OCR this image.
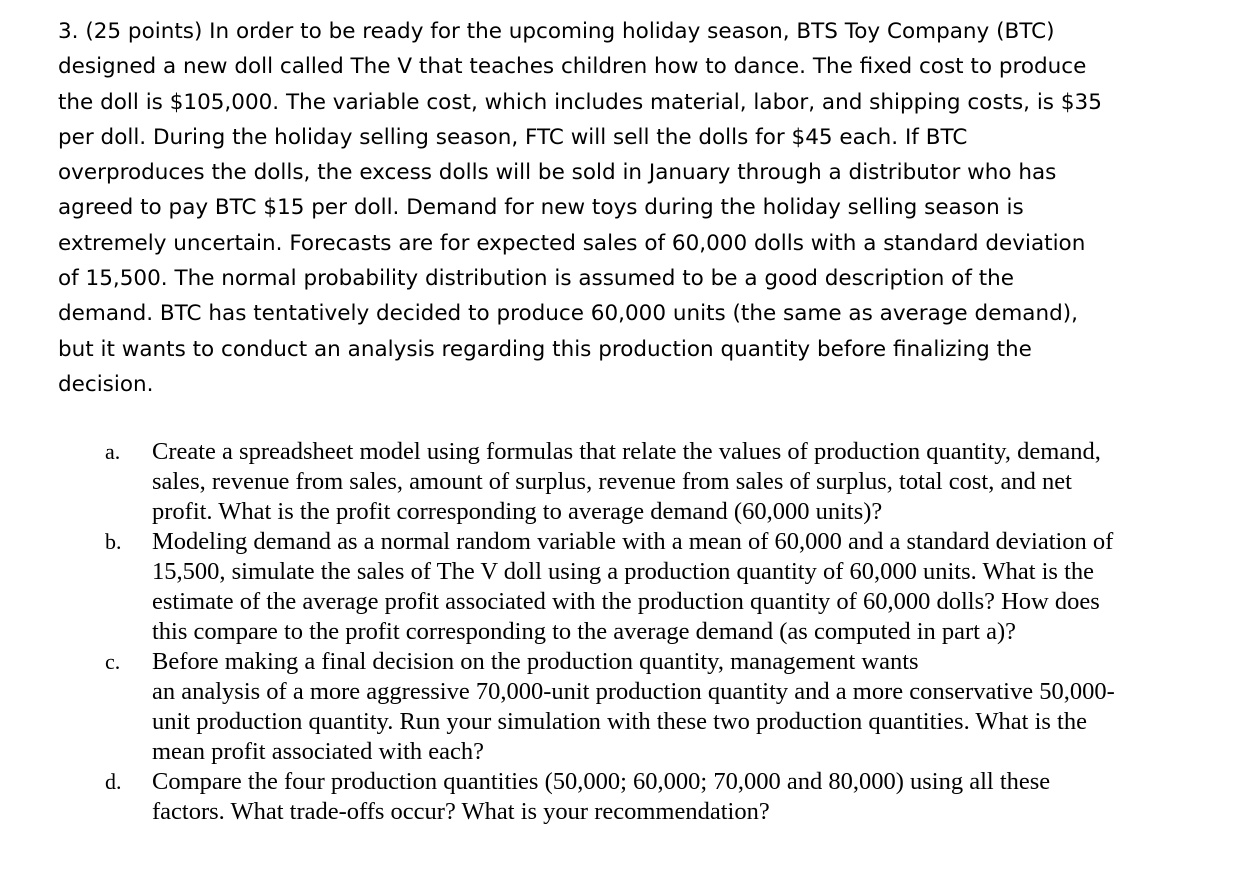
3. (25 points) In order to be ready for the upcoming holiday season, BTS Toy Company (BTC)
designed a new doll called The V that teaches children how to dance. The fixed cost to produce
the doll is $105,000. The variable cost, which includes material, labor, and shipping costs, is $35
per doll. During the holiday selling season, FTC will sell the dolls for $45 each. If BTC
overproduces the dolls, the excess dolls will be sold in January through a distributor who has
agreed to pay BTC $15 per doll. Demand for new toys during the holiday selling season is
extremely uncertain. Forecasts are for expected sales of 60,000 dolls with a standard deviation
of 15,500. The normal probability distribution is assumed to be a good description of the
demand. BTC has tentatively decided to produce 60,000 units (the same as average demand),
but it wants to conduct an analysis regarding this production quantity before finalizing the
decision.

a.	Create a spreadsheet model using formulas that relate the values of production quantity, demand,
sales, revenue from sales, amount of surplus, revenue from sales of surplus, total cost, and net
profit. What is the profit corresponding to average demand (60,000 units)?
b.	Modeling demand as a normal random variable with a mean of 60,000 and a standard deviation of
15,500, simulate the sales of The V doll using a production quantity of 60,000 units. What is the
estimate of the average profit associated with the production quantity of 60,000 dolls? How does
this compare to the profit corresponding to the average demand (as computed in part a)?
c.	Before making a final decision on the production quantity, management wants
an analysis of a more aggressive 70,000-unit production quantity and a more conservative 50,000-
unit production quantity. Run your simulation with these two production quantities. What is the
mean profit associated with each?
d.	Compare the four production quantities (50,000; 60,000; 70,000 and 80,000) using all these
factors. What trade-offs occur? What is your recommendation?
